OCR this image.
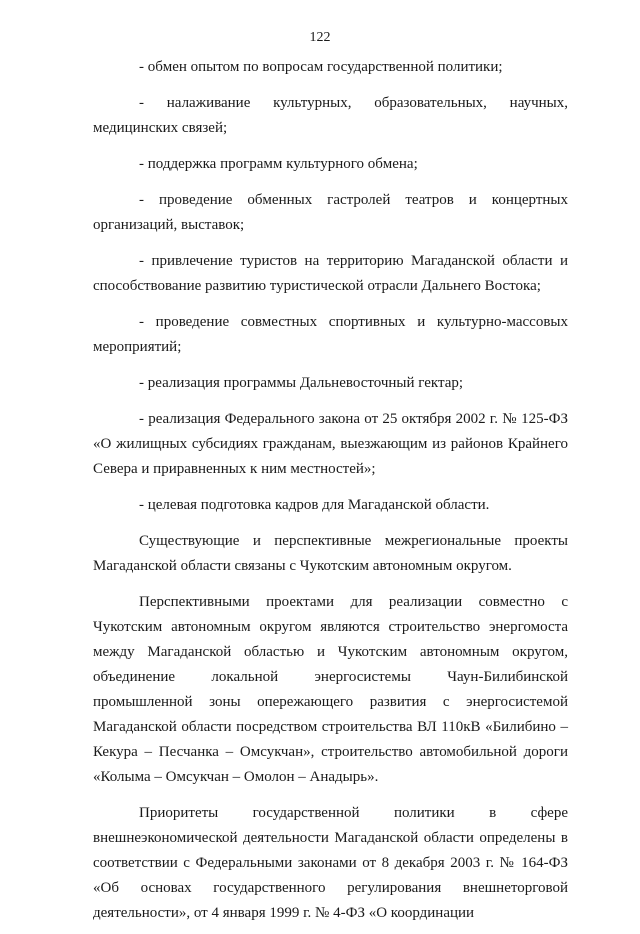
122

- обмен опытом по вопросам государственной политики;

- налаживание культурных, образовательных, научных, медицинских связей;

- поддержка программ культурного обмена;

- проведение обменных гастролей театров и концертных организаций, выставок;

- привлечение туристов на территорию Магаданской области и способствование развитию туристической отрасли Дальнего Востока;

- проведение совместных спортивных и культурно-массовых мероприятий;

- реализация программы Дальневосточный гектар;

- реализация Федерального закона от 25 октября 2002 г. № 125-ФЗ «О жилищных субсидиях гражданам, выезжающим из районов Крайнего Севера и приравненных к ним местностей»;

- целевая подготовка кадров для Магаданской области.

Существующие и перспективные межрегиональные проекты Магаданской области связаны с Чукотским автономным округом.

Перспективными проектами для реализации совместно с Чукотским автономным округом являются строительство энергомоста между Магаданской областью и Чукотским автономным округом, объединение локальной энергосистемы Чаун-Билибинской промышленной зоны опережающего развития с энергосистемой Магаданской области посредством строительства ВЛ 110кВ «Билибино – Кекура – Песчанка – Омсукчан», строительство автомобильной дороги «Колыма – Омсукчан – Омолон – Анадырь».

Приоритеты государственной политики в сфере внешнеэкономической деятельности Магаданской области определены в соответствии с Федеральными законами от 8 декабря 2003 г. № 164-ФЗ «Об основах государственного регулирования внешнеторговой деятельности», от 4 января 1999 г. № 4-ФЗ «О координации
